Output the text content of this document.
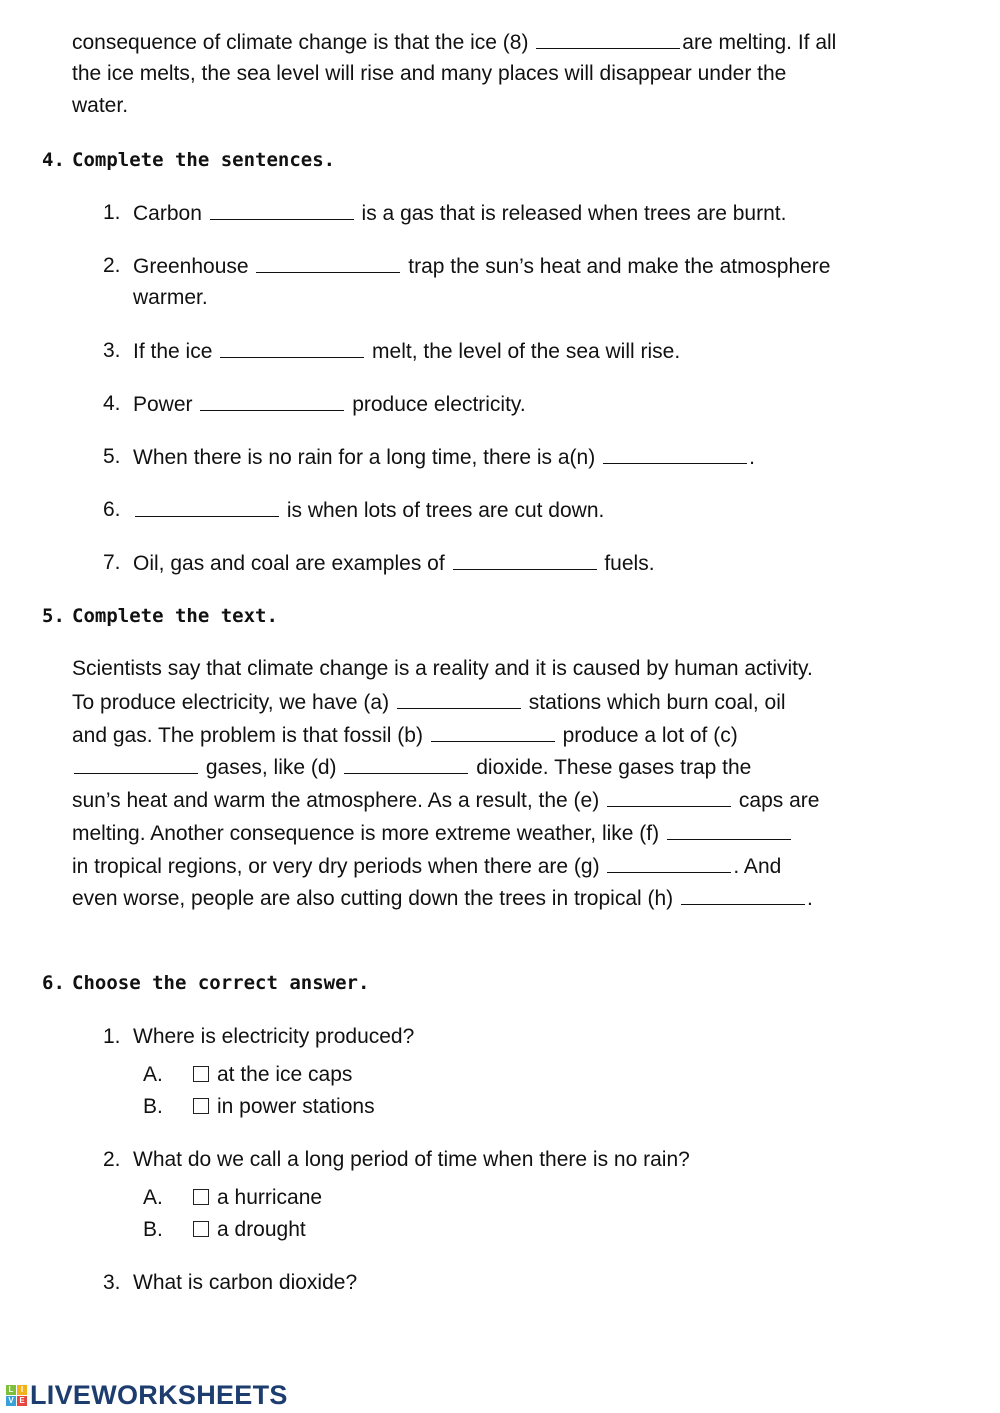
consequence of climate change is that the ice (8)	are melting. If all
the ice melts, the sea level will rise and many places will disappear under the
water.
4. Complete the sentences.
1. Carbon	is a gas that is released when trees are burnt.
2. Greenhouse	trap the sun’s heat and make the atmosphere
warmer.
3. If the ice	melt, the level of the sea will rise.
4. Power	produce electricity.
5. When there is no rain for a long time, there is a(n)	.
6.	is when lots of trees are cut down.
7. Oil, gas and coal are examples of	fuels.
5. Complete the text.
Scientists say that climate change is a reality and it is caused by human activity.
To produce electricity, we have (a)	stations which burn coal, oil
and gas. The problem is that fossil (b)	produce a lot of (c)
gases, like (d)	dioxide. These gases trap the
sun’s heat and warm the atmosphere. As a result, the (e)	caps are
melting. Another consequence is more extreme weather, like (f)
in tropical regions, or very dry periods when there are (g)	. And
even worse, people are also cutting down the trees in tropical (h)	.
6. Choose the correct answer.
1. Where is electricity produced?
A.	at the ice caps
B.	in power stations
2. What do we call a long period of time when there is no rain?
A.	a hurricane
B.	a drought
3. What is carbon dioxide?
L I
V E LIVEWORKSHEETS
